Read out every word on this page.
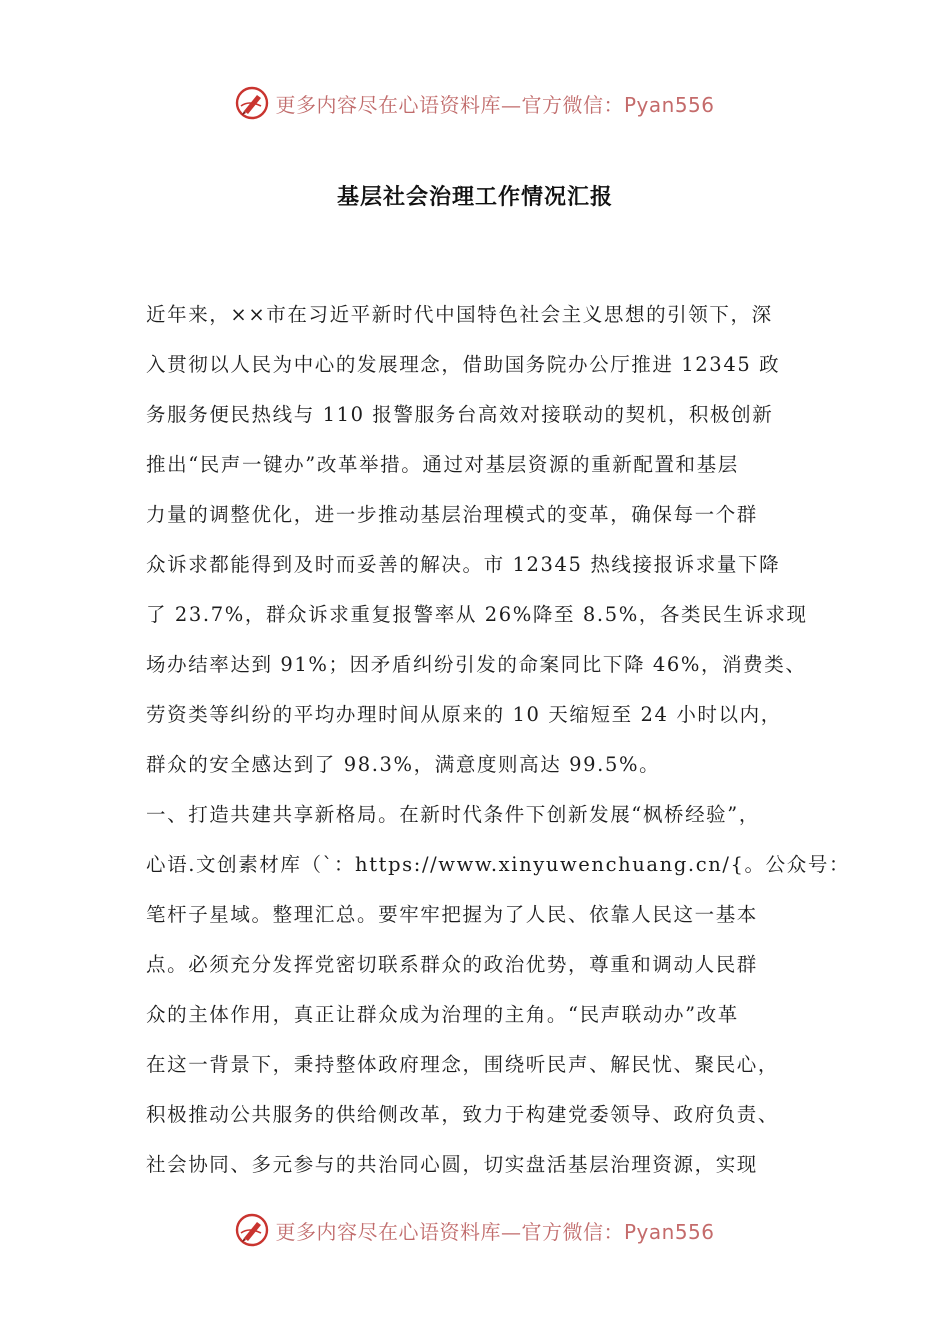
更多内容尽在心语资料库—官方微信：Pyan556
基层社会治理工作情况汇报
近年来，××市在习近平新时代中国特色社会主义思想的引领下，深
入贯彻以人民为中心的发展理念，借助国务院办公厅推进 12345 政
务服务便民热线与 110 报警服务台高效对接联动的契机，积极创新
推出“民声一键办”改革举措。通过对基层资源的重新配置和基层
力量的调整优化，进一步推动基层治理模式的变革，确保每一个群
众诉求都能得到及时而妥善的解决。市 12345 热线接报诉求量下降
了 23.7%，群众诉求重复报警率从 26%降至 8.5%，各类民生诉求现
场办结率达到 91%；因矛盾纠纷引发的命案同比下降 46%，消费类、
劳资类等纠纷的平均办理时间从原来的 10 天缩短至 24 小时以内，
群众的安全感达到了 98.3%，满意度则高达 99.5%。
一、打造共建共享新格局。在新时代条件下创新发展“枫桥经验”，
心语.文创素材库（`：https://www.xinyuwenchuang.cn/{。公众号：
笔杆子星域。整理汇总。要牢牢把握为了人民、依靠人民这一基本
点。必须充分发挥党密切联系群众的政治优势，尊重和调动人民群
众的主体作用，真正让群众成为治理的主角。“民声联动办”改革
在这一背景下，秉持整体政府理念，围绕听民声、解民忧、聚民心，
积极推动公共服务的供给侧改革，致力于构建党委领导、政府负责、
社会协同、多元参与的共治同心圆，切实盘活基层治理资源，实现
更多内容尽在心语资料库—官方微信：Pyan556
